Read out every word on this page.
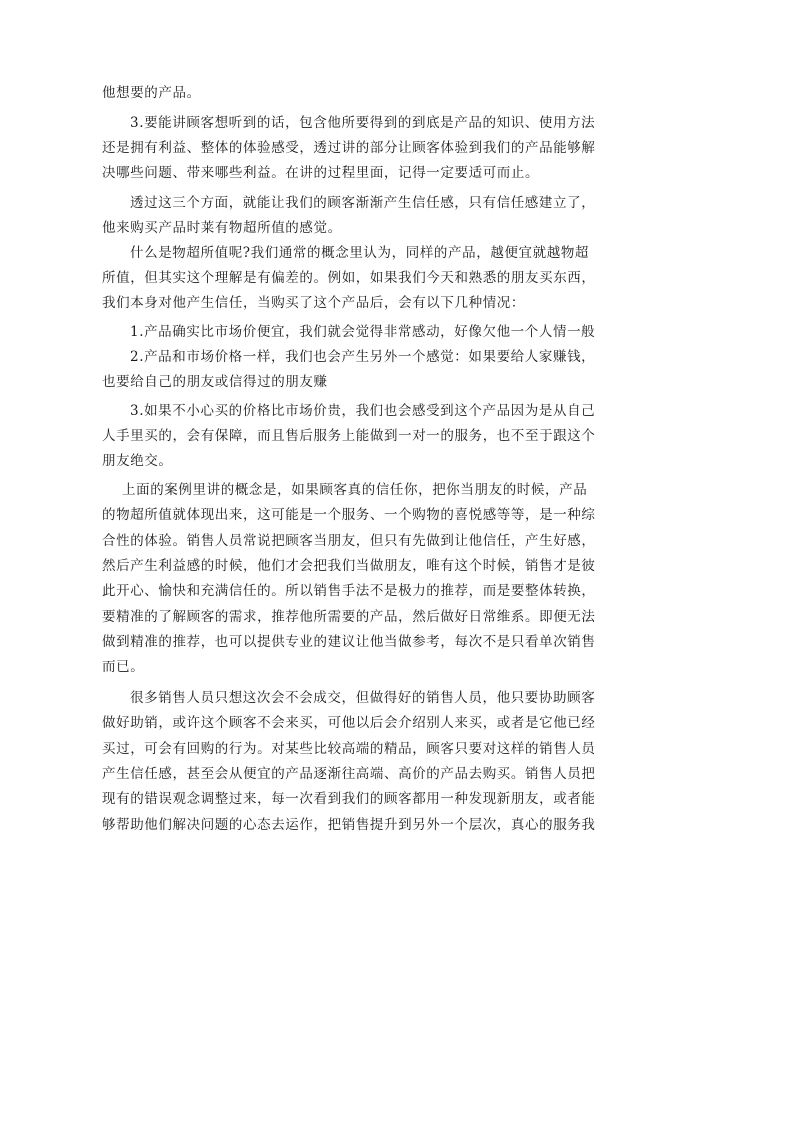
他想要的产品。
3.要能讲顾客想听到的话，包含他所要得到的到底是产品的知识、使用方法
还是拥有利益、整体的体验感受，透过讲的部分让顾客体验到我们的产品能够解
决哪些问题、带来哪些利益。在讲的过程里面，记得一定要适可而止。
透过这三个方面，就能让我们的顾客渐渐产生信任感，只有信任感建立了，
他来购买产品时莱有物超所值的感觉。
什么是物超所值呢?我们通常的概念里认为，同样的产品，越便宜就越物超
所值，但其实这个理解是有偏差的。例如，如果我们今天和熟悉的朋友买东西，
我们本身对他产生信任，当购买了这个产品后，会有以下几种情况：
1.产品确实比市场价便宜，我们就会觉得非常感动，好像欠他一个人情一般
2.产品和市场价格一样，我们也会产生另外一个感觉：如果要给人家赚钱，
也要给自己的朋友或信得过的朋友赚
3.如果不小心买的价格比市场价贵，我们也会感受到这个产品因为是从自己
人手里买的，会有保障，而且售后服务上能做到一对一的服务，也不至于跟这个
朋友绝交。
上面的案例里讲的概念是，如果顾客真的信任你，把你当朋友的时候，产品
的物超所值就体现出来，这可能是一个服务、一个购物的喜悦感等等，是一种综
合性的体验。销售人员常说把顾客当朋友，但只有先做到让他信任，产生好感，
然后产生利益感的时候，他们才会把我们当做朋友，唯有这个时候，销售才是彼
此开心、愉快和充满信任的。所以销售手法不是极力的推荐，而是要整体转换，
要精准的了解顾客的需求，推荐他所需要的产品，然后做好日常维系。即便无法
做到精准的推荐，也可以提供专业的建议让他当做参考，每次不是只看单次销售
而已。
很多销售人员只想这次会不会成交，但做得好的销售人员，他只要协助顾客
做好助销，或许这个顾客不会来买，可他以后会介绍别人来买，或者是它他已经
买过，可会有回购的行为。对某些比较高端的精品，顾客只要对这样的销售人员
产生信任感，甚至会从便宜的产品逐渐往高端、高价的产品去购买。销售人员把
现有的错误观念调整过来，每一次看到我们的顾客都用一种发现新朋友，或者能
够帮助他们解决问题的心态去运作，把销售提升到另外一个层次，真心的服务我
